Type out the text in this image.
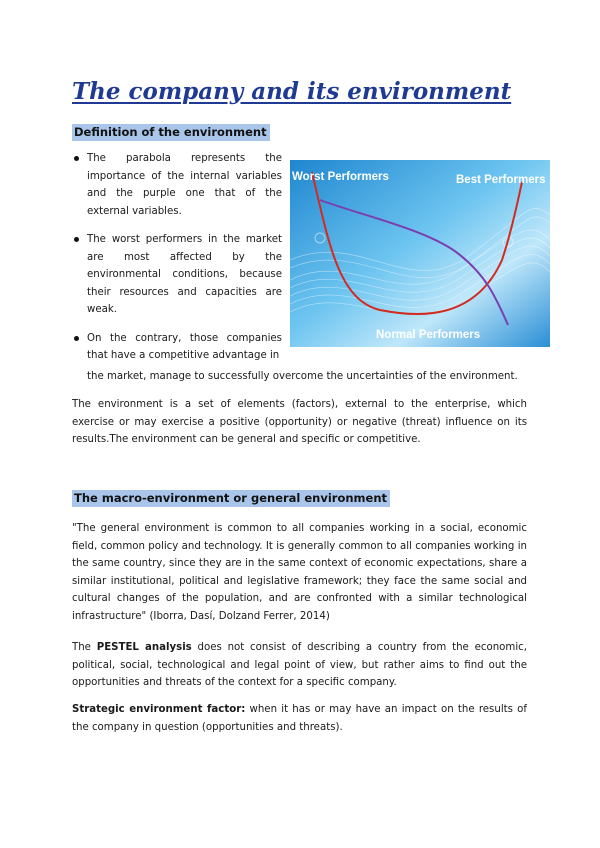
The company and its environment
Definition of the environment
The parabola represents the importance of the internal variables and the purple one that of the external variables.
The worst performers in the market are most affected by the environmental conditions, because their resources and capacities are weak.
On the contrary, those companies that have a competitive advantage in
the market, manage to successfully overcome the uncertainties of the environment.
Worst Performers	Best Performers
Normal Performers

The environment is a set of elements (factors), external to the enterprise, which exercise or may exercise a positive (opportunity) or negative (threat) influence on its results.The environment can be general and specific or competitive.

The macro-environment or general environment

"The general environment is common to all companies working in a social, economic field, common policy and technology. It is generally common to all companies working in the same country, since they are in the same context of economic expectations, share a similar institutional, political and legislative framework; they face the same social and cultural changes of the population, and are confronted with a similar technological infrastructure" (Iborra, Dasí, Dolzand Ferrer, 2014)

The PESTEL analysis does not consist of describing a country from the economic, political, social, technological and legal point of view, but rather aims to find out the opportunities and threats of the context for a specific company.

Strategic environment factor: when it has or may have an impact on the results of the company in question (opportunities and threats).
